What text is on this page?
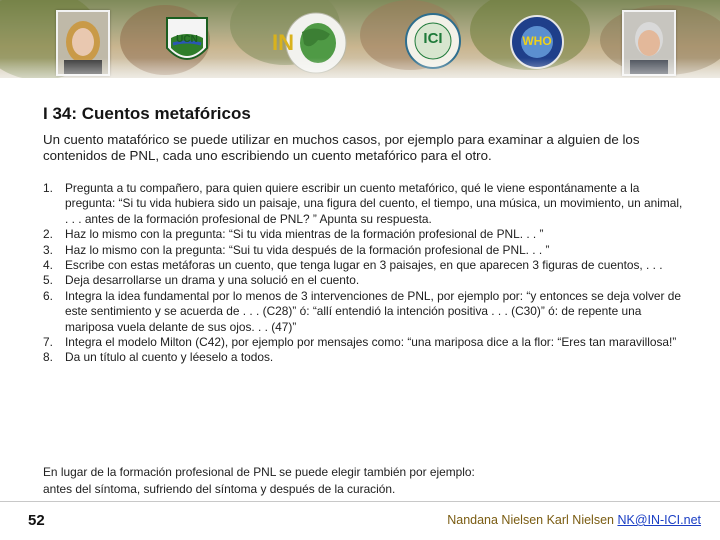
UCN	IN	ICI	WHO
I 34: Cuentos metafóricos

Un cuento matafórico se puede utilizar en muchos casos, por ejemplo para examinar a alguien de los contenidos de PNL, cada uno escribiendo un cuento metafórico para el otro.

1. Pregunta a tu compañero, para quien quiere escribir un cuento metafórico, qué le viene espontánamente a la pregunta: “Si tu vida hubiera sido un paisaje, una figura del cuento, el tiempo, una música, un movimiento, un animal, . . . antes de la formación profesional de PNL? ” Apunta su respuesta.
2. Haz lo mismo con la pregunta: “Si tu vida mientras de la formación profesional de PNL. . . ”
3. Haz lo mismo con la pregunta: “Sui tu vida después de la formación profesional de PNL. . . ”
4. Escribe con estas metáforas un cuento, que tenga lugar en 3 paisajes, en que aparecen 3 figuras de cuentos, . . .
5. Deja desarrollarse un drama y una solució en el cuento.
6. Integra la idea fundamental por lo menos de 3 intervenciones de PNL, por ejemplo por: “y entonces se deja volver de este sentimiento y se acuerda de . . . (C28)” ó: “allí entendió la intención positiva . . . (C30)” ó: de repente una mariposa vuela delante de sus ojos. . . (47)”
7. Integra el modelo Milton (C42), por ejemplo por mensajes como: “una mariposa dice a la flor: “Eres tan maravillosa!”
8. Da un título al cuento y léeselo a todos.
En lugar de la formación profesional de PNL se puede elegir también por ejemplo:
antes del síntoma, sufriendo del síntoma y después de la curación.
52	Nandana Nielsen Karl Nielsen NK@IN-ICI.net
